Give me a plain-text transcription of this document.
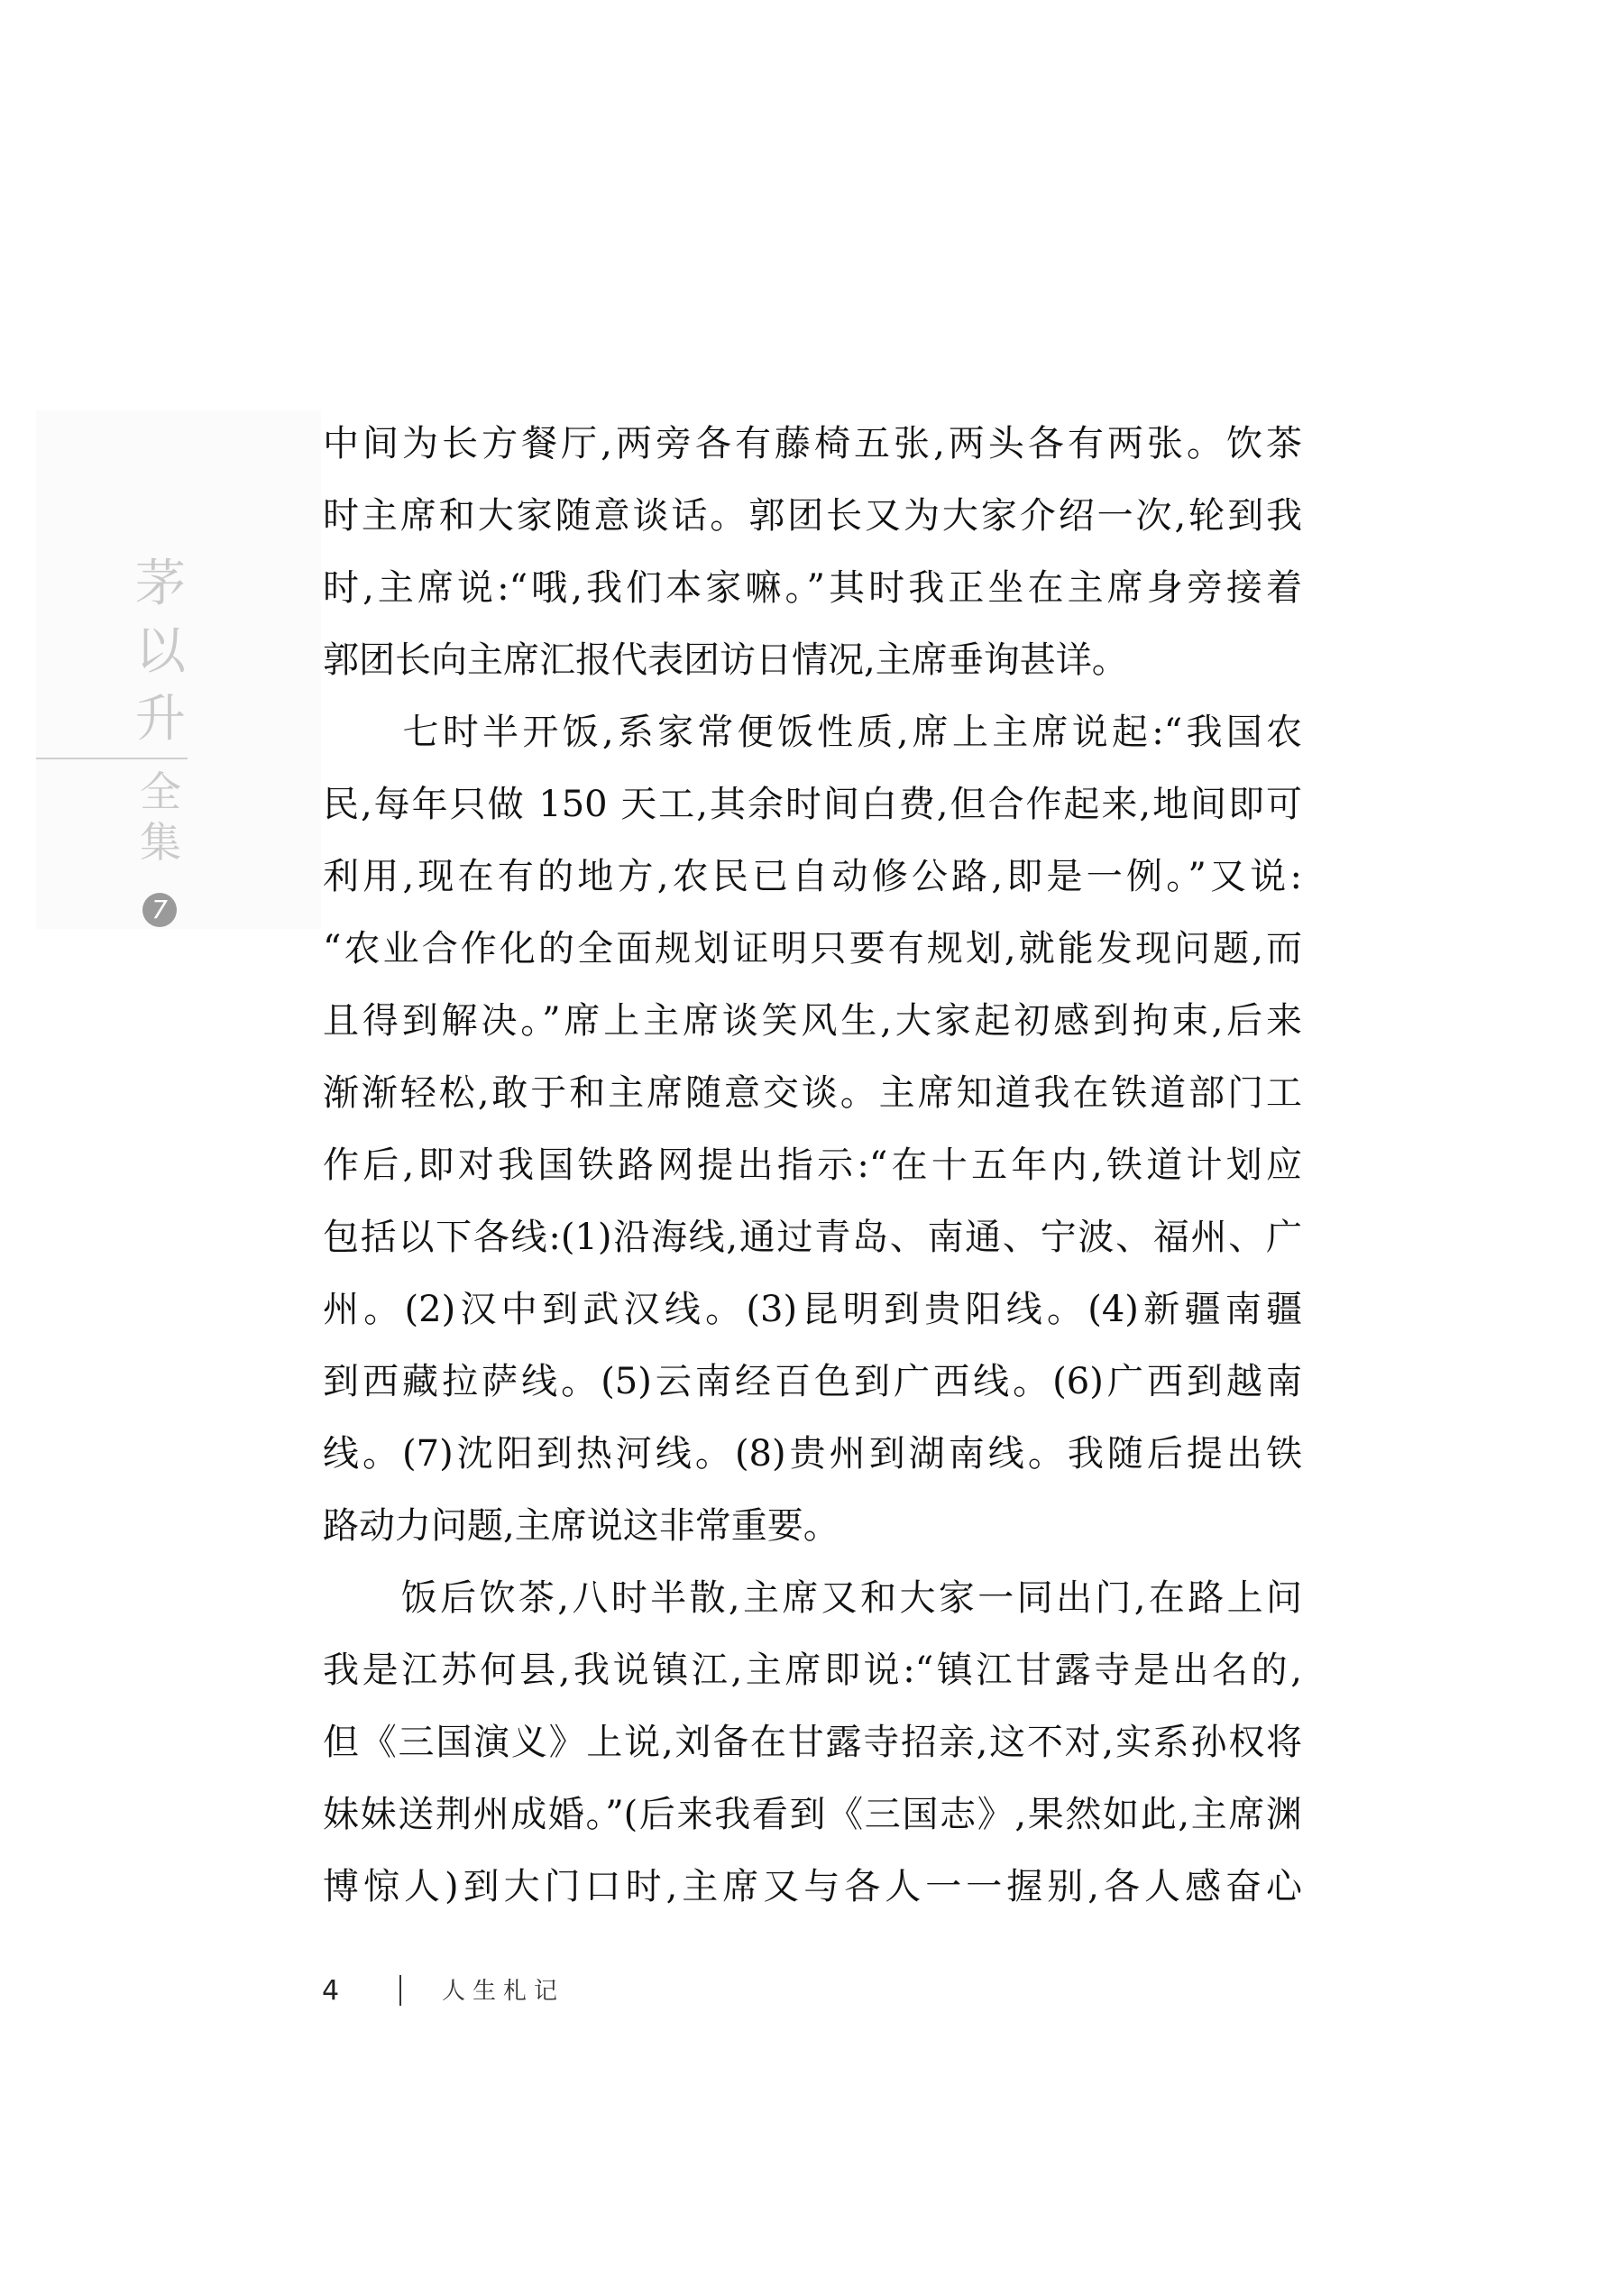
茅
以
升
全
集
7

中间为长方餐厅,两旁各有藤椅五张,两头各有两张。饮茶
时主席和大家随意谈话。郭团长又为大家介绍一次,轮到我
时,主席说:“哦,我们本家嘛。”其时我正坐在主席身旁接着
郭团长向主席汇报代表团访日情况,主席垂询甚详。

　　七时半开饭,系家常便饭性质,席上主席说起:“我国农
民,每年只做 150 天工,其余时间白费,但合作起来,地间即可
利用,现在有的地方,农民已自动修公路,即是一例。”又说:
“农业合作化的全面规划证明只要有规划,就能发现问题,而
且得到解决。”席上主席谈笑风生,大家起初感到拘束,后来
渐渐轻松,敢于和主席随意交谈。主席知道我在铁道部门工
作后,即对我国铁路网提出指示:“在十五年内,铁道计划应
包括以下各线:(1)沿海线,通过青岛、南通、宁波、福州、广
州。(2)汉中到武汉线。(3)昆明到贵阳线。(4)新疆南疆
到西藏拉萨线。(5)云南经百色到广西线。(6)广西到越南
线。(7)沈阳到热河线。(8)贵州到湖南线。我随后提出铁
路动力问题,主席说这非常重要。

　　饭后饮茶,八时半散,主席又和大家一同出门,在路上问
我是江苏何县,我说镇江,主席即说:“镇江甘露寺是出名的,
但《三国演义》上说,刘备在甘露寺招亲,这不对,实系孙权将
妹妹送荆州成婚。”(后来我看到《三国志》,果然如此,主席渊
博惊人)到大门口时,主席又与各人一一握别,各人感奋心

4	人生札记
